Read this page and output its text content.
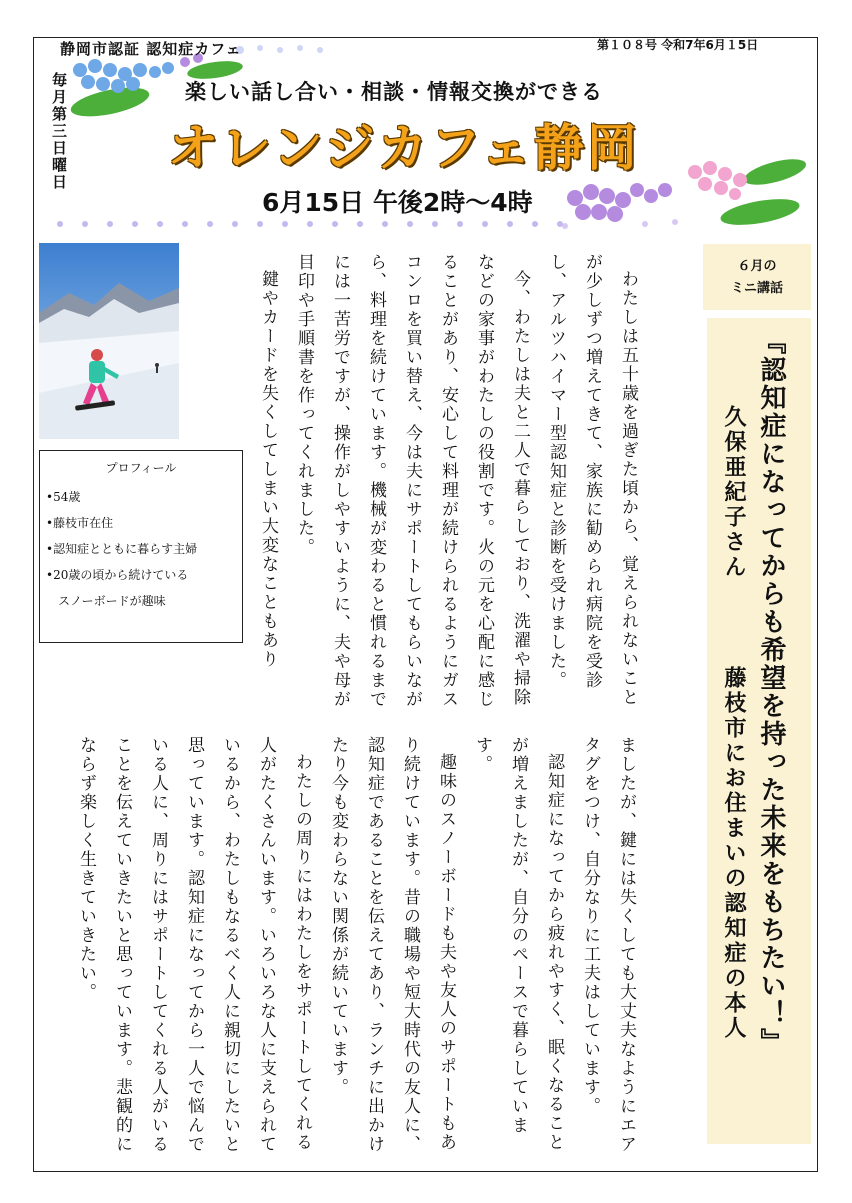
静岡市認証 認知症カフェ	第１０８号 令和7年6月１5日
毎月第三日曜日	楽しい話し合い・相談・情報交換ができる
オレンジカフェ静岡
6月15日 午後2時～4時
プロフィール
•54歳
•藤枝市在住
•認知症とともに暮らす主婦
•20歳の頃から続けている
　スノーボードが趣味
６月の
ミニ講話
『認知症になってからも希望を持った未来をもちたい！』
久保亜紀子さん藤枝市にお住まいの認知症の本人
わたしは五十歳を過ぎた頃から、覚えられないことが少しずつ増えてきて、家族に勧められ病院を受診し、アルツハイマー型認知症と診断を受けました。
今、わたしは夫と二人で暮らしており、洗濯や掃除などの家事がわたしの役割です。火の元を心配に感じることがあり、安心して料理が続けられるようにガスコンロを買い替え、今は夫にサポートしてもらいながら、料理を続けています。機械が変わると慣れるまでには一苦労ですが、操作がしやすいように、夫や母が目印や手順書を作ってくれました。
鍵やカードを失くしてしまい大変なこともあり
ましたが、鍵には失くしても大丈夫なようにエアタグをつけ、自分なりに工夫はしています。
認知症になってから疲れやすく、眠くなることが増えましたが、自分のペースで暮らしています。
趣味のスノーボードも夫や友人のサポートもあり続けています。昔の職場や短大時代の友人に、認知症であることを伝えてあり、ランチに出かけたり今も変わらない関係が続いています。
わたしの周りにはわたしをサポートしてくれる人がたくさんいます。いろいろな人に支えられているから、わたしもなるべく人に親切にしたいと思っています。認知症になってから一人で悩んでいる人に、周りにはサポートしてくれる人がいることを伝えていきたいと思っています。悲観的にならず楽しく生きていきたい。
